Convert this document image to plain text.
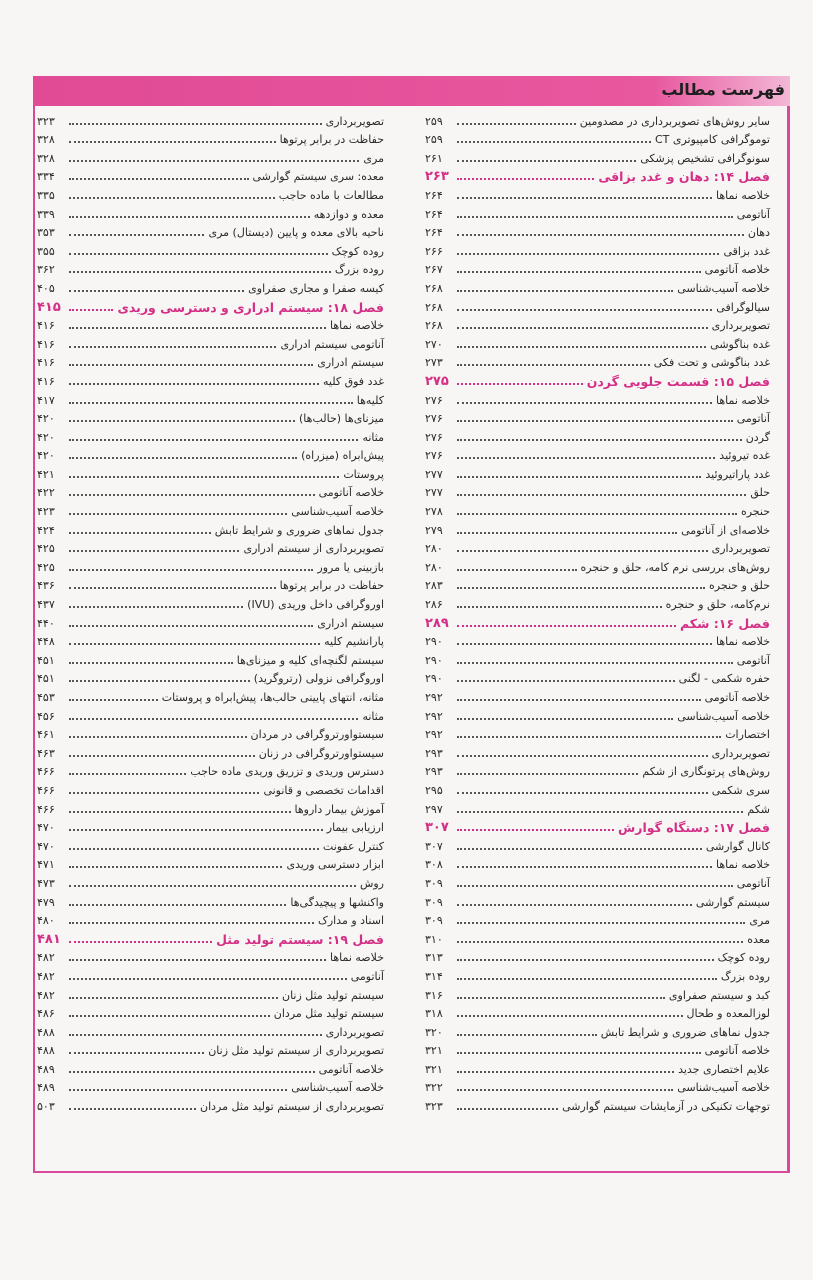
فهرست مطالب
سایر روش‌های تصویربرداری در مصدومین
۲۵۹
توموگرافی کامپیوتری CT
۲۵۹
سونوگرافی تشخیص پزشکی
۲۶۱
فصل ۱۴: دهان و غدد بزاقی
۲۶۳
خلاصه نماها
۲۶۴
آناتومی
۲۶۴
دهان
۲۶۴
غدد بزاقی
۲۶۶
خلاصه آناتومی
۲۶۷
خلاصه آسیب‌شناسی
۲۶۸
سیالوگرافی
۲۶۸
تصویربرداری
۲۶۸
غده بناگوشی
۲۷۰
غدد بناگوشی و تحت فکی
۲۷۳
فصل ۱۵: قسمت جلویی گردن
۲۷۵
خلاصه نماها
۲۷۶
آناتومی
۲۷۶
گردن
۲۷۶
غده تیروئید
۲۷۶
غدد پاراتیروئید
۲۷۷
حلق
۲۷۷
حنجره
۲۷۸
خلاصه‌ای از آناتومی
۲۷۹
تصویربرداری
۲۸۰
روش‌های بررسی نرم کامه، حلق و حنجره
۲۸۰
حلق و حنجره
۲۸۳
نرم‌کامه، حلق و حنجره
۲۸۶
فصل ۱۶: شکم
۲۸۹
خلاصه نماها
۲۹۰
آناتومی
۲۹۰
حفره شکمی - لگنی
۲۹۰
خلاصه آناتومی
۲۹۲
خلاصه آسیب‌شناسی
۲۹۲
اختصارات
۲۹۲
تصویربرداری
۲۹۳
روش‌های پرتونگاری از شکم
۲۹۳
سری شکمی
۲۹۵
شکم
۲۹۷
فصل ۱۷: دستگاه گوارش
۳۰۷
کانال گوارشی
۳۰۷
خلاصه نماها
۳۰۸
آناتومی
۳۰۹
سیستم گوارشی
۳۰۹
مری
۳۰۹
معده
۳۱۰
روده کوچک
۳۱۳
روده بزرگ
۳۱۴
کبد و سیستم صفراوی
۳۱۶
لوزالمعده و طحال
۳۱۸
جدول نماهای ضروری و شرایط تابش
۳۲۰
خلاصه آناتومی
۳۲۱
علایم اختصاری جدید
۳۲۱
خلاصه آسیب‌شناسی
۳۲۲
توجهات تکنیکی در آزمایشات سیستم گوارشی
۳۲۳
تصویربرداری
۳۲۳
حفاظت در برابر پرتوها
۳۲۸
مری
۳۲۸
معده: سری سیستم گوارشی
۳۳۴
مطالعات با ماده حاجب
۳۳۵
معده و دوازدهه
۳۳۹
ناحیه بالای معده و پایین (دیستال) مری
۳۵۳
روده کوچک
۳۵۵
روده بزرگ
۳۶۲
کیسه صفرا و مجاری صفراوی
۴۰۵
فصل ۱۸: سیستم ادراری و دسترسی وریدی
۴۱۵
خلاصه نماها
۴۱۶
آناتومی سیستم ادراری
۴۱۶
سیستم ادراری
۴۱۶
غدد فوق کلیه
۴۱۶
کلیه‌ها
۴۱۷
میزنای‌ها (حالب‌ها)
۴۲۰
مثانه
۴۲۰
پیش‌ابراه (میزراه)
۴۲۰
پروستات
۴۲۱
خلاصه آناتومی
۴۲۲
خلاصه آسیب‌شناسی
۴۲۳
جدول نماهای ضروری و شرایط تابش
۴۲۴
تصویربرداری از سیستم ادراری
۴۲۵
بازبینی یا مرور
۴۲۵
حفاظت در برابر پرتوها
۴۳۶
اوروگرافی داخل وریدی (IVU)
۴۳۷
سیستم ادراری
۴۴۰
پارانشیم کلیه
۴۴۸
سیستم لگنچه‌ای کلیه و میزنای‌ها
۴۵۱
اوروگرافی نزولی (رتروگرید)
۴۵۱
مثانه، انتهای پایینی حالب‌ها، پیش‌ابراه و پروستات
۴۵۳
مثانه
۴۵۶
سیستواورتروگرافی در مردان
۴۶۱
سیستواورتروگرافی در زنان
۴۶۳
دسترس وریدی و تزریق وریدی ماده حاجب
۴۶۶
اقدامات تخصصی و قانونی
۴۶۶
آموزش بیمار داروها
۴۶۶
ارزیابی بیمار
۴۷۰
کنترل عفونت
۴۷۰
ابزار دسترسی وریدی
۴۷۱
روش
۴۷۳
واکنشها و پیچیدگی‌ها
۴۷۹
اسناد و مدارک
۴۸۰
فصل ۱۹: سیستم تولید مثل
۴۸۱
خلاصه نماها
۴۸۲
آناتومی
۴۸۲
سیستم تولید مثل زنان
۴۸۲
سیستم تولید مثل مردان
۴۸۶
تصویربرداری
۴۸۸
تصویربرداری از سیستم تولید مثل زنان
۴۸۸
خلاصه آناتومی
۴۸۹
خلاصه آسیب‌شناسی
۴۸۹
تصویربرداری از سیستم تولید مثل مردان
۵۰۳
